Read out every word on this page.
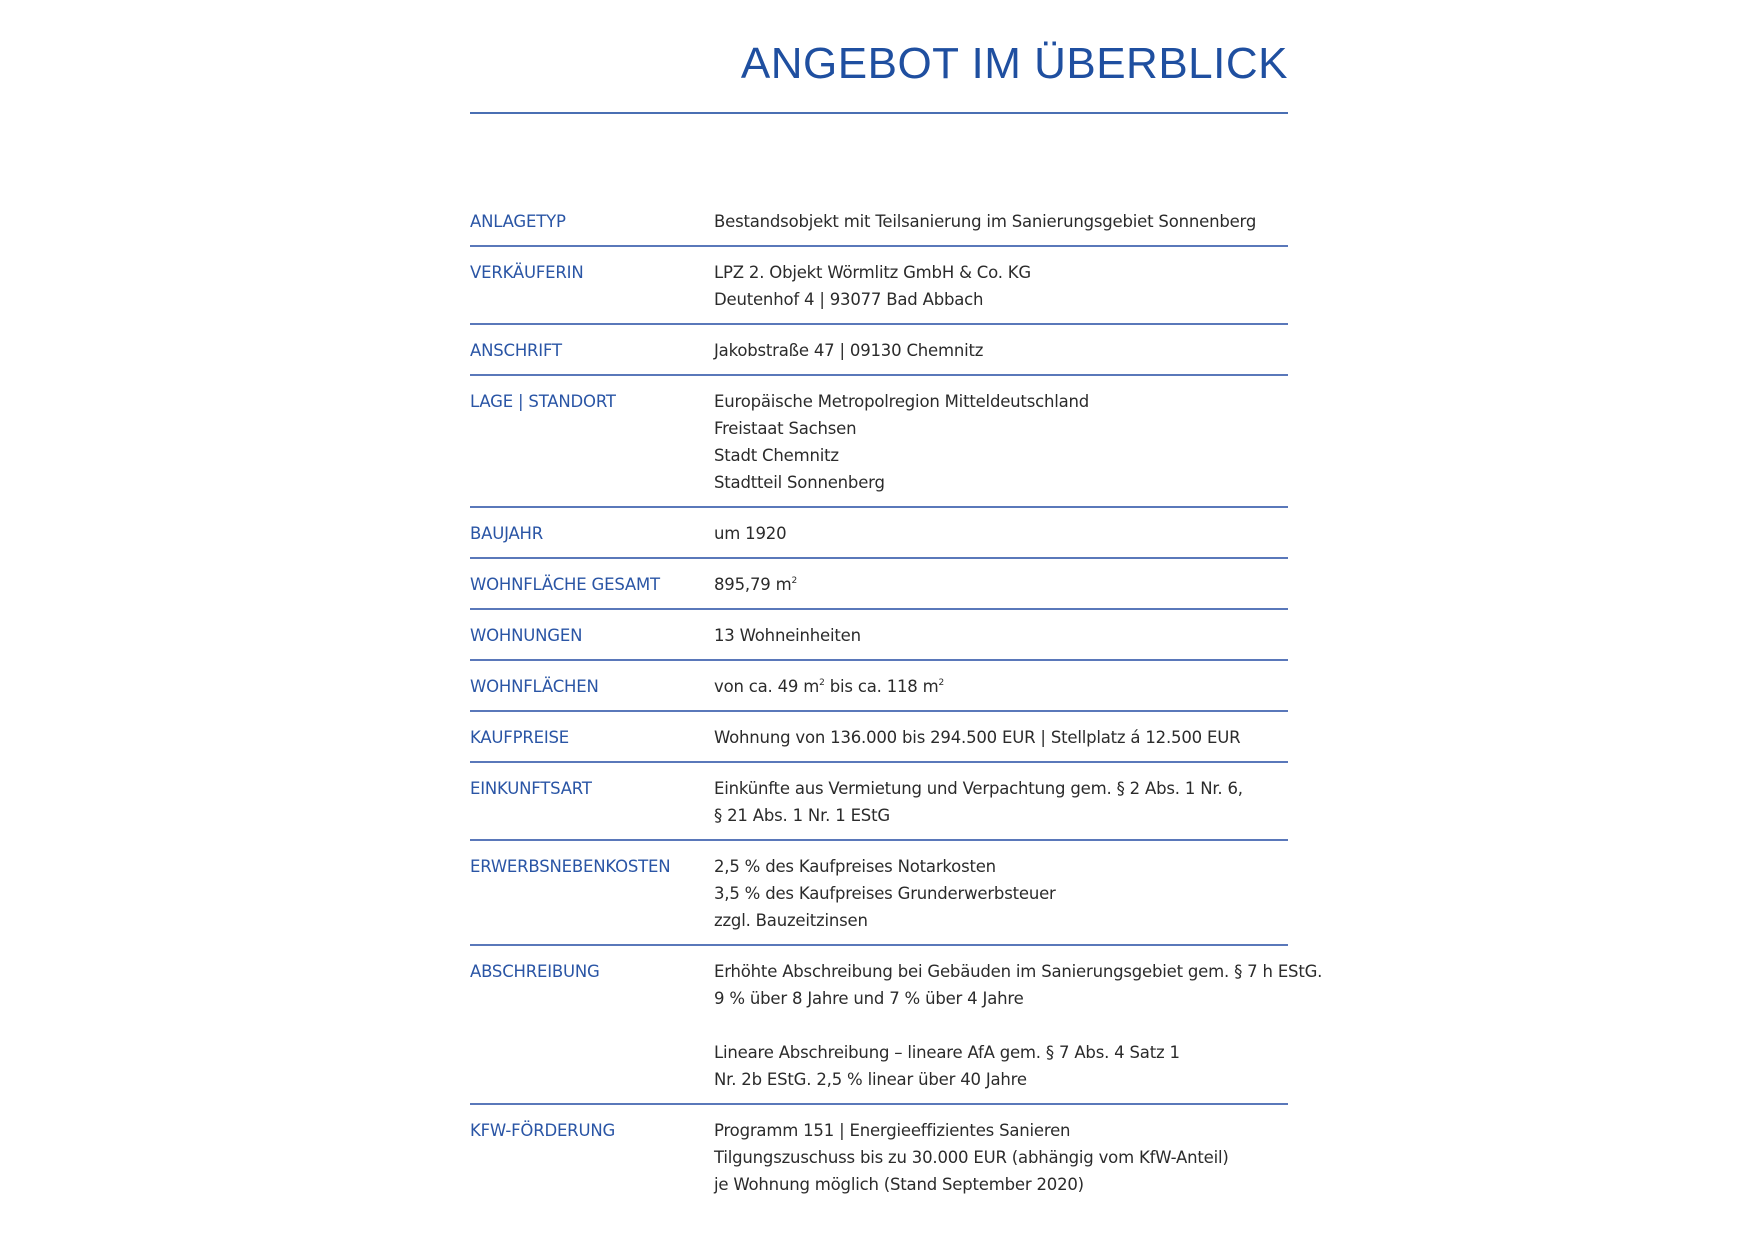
ANGEBOT IM ÜBERBLICK
ANLAGETYP	Bestandsobjekt mit Teilsanierung im Sanierungsgebiet Sonnenberg
VERKÄUFERIN	LPZ 2. Objekt Wörmlitz GmbH & Co. KG
Deutenhof 4 | 93077 Bad Abbach
ANSCHRIFT	Jakobstraße 47 | 09130 Chemnitz
LAGE | STANDORT	Europäische Metropolregion Mitteldeutschland
Freistaat Sachsen
Stadt Chemnitz
Stadtteil Sonnenberg
BAUJAHR	um 1920
WOHNFLÄCHE GESAMT	895,79 $m^2$
WOHNUNGEN	13 Wohneinheiten
WOHNFLÄCHEN	von ca. 49 $m^2$ bis ca. 118 $m^2$
KAUFPREISE	Wohnung von 136.000 bis 294.500 EUR | Stellplatz á 12.500 EUR
EINKUNFTSART	Einkünfte aus Vermietung und Verpachtung gem. § 2 Abs. 1 Nr. 6,
§ 21 Abs. 1 Nr. 1 EStG
ERWERBSNEBENKOSTEN	2,5 % des Kaufpreises Notarkosten
3,5 % des Kaufpreises Grunderwerbsteuer
zzgl. Bauzeitzinsen
ABSCHREIBUNG	Erhöhte Abschreibung bei Gebäuden im Sanierungsgebiet gem. § 7 h EStG.
9 % über 8 Jahre und 7 % über 4 Jahre
Lineare Abschreibung – lineare AfA gem. § 7 Abs. 4 Satz 1
Nr. 2b EStG. 2,5 % linear über 40 Jahre
KFW-FÖRDERUNG	Programm 151 | Energieeffizientes Sanieren
Tilgungszuschuss bis zu 30.000 EUR (abhängig vom KfW-Anteil)
je Wohnung möglich (Stand September 2020)
